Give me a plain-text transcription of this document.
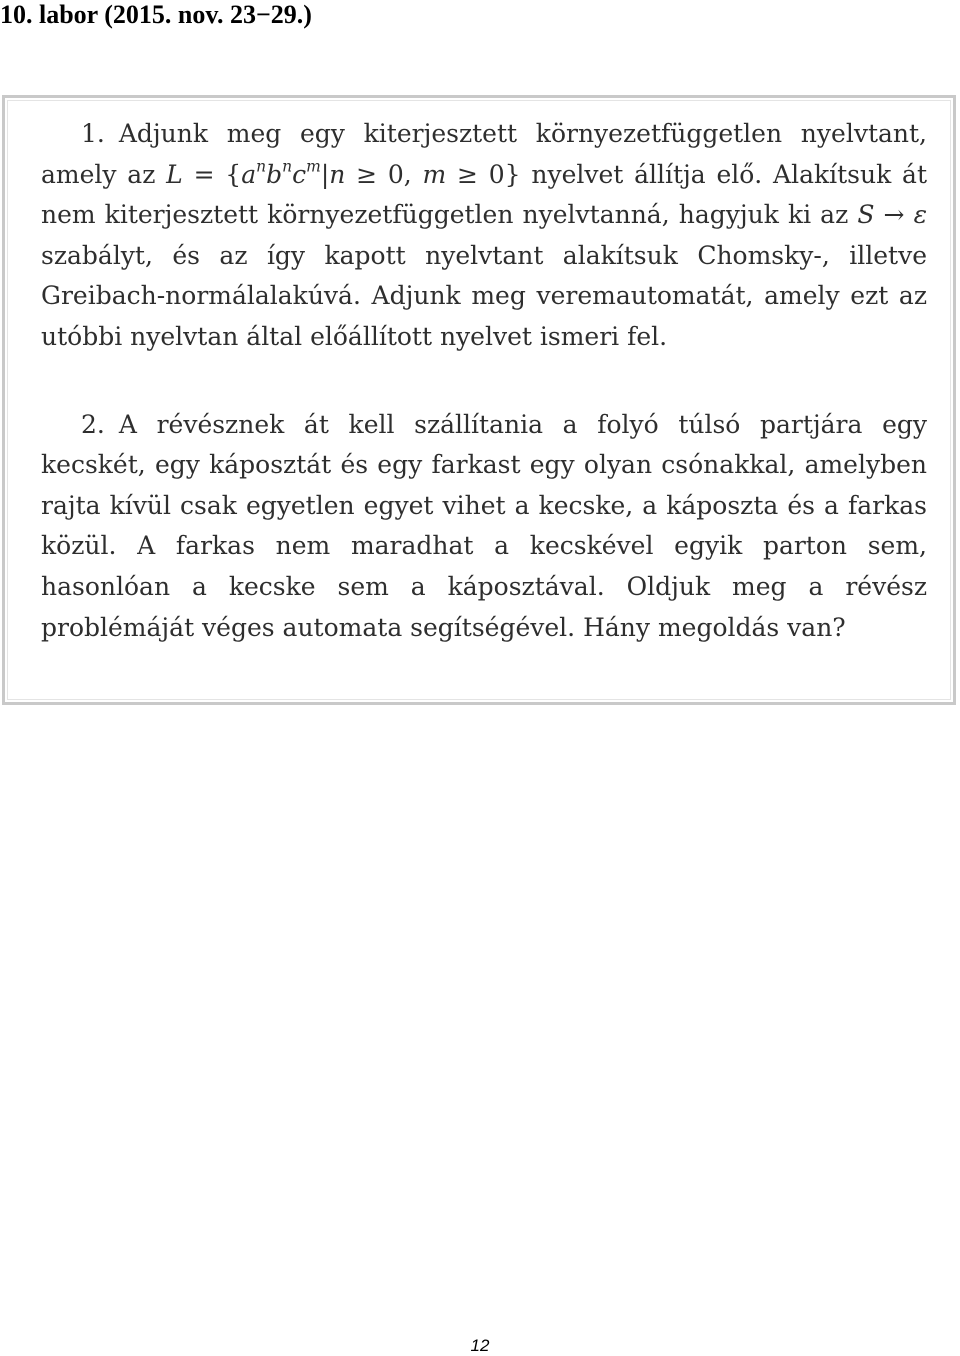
10. labor (2015. nov. 23−29.)

1. Adjunk meg egy kiterjesztett környezetfüggetlen nyelvtant, amely az $L = \{a^nb^nc^m|n \ge 0$, m ≥ 0} nyelvet állítja elő. Alakítsuk át nem kiterjesztett környezetfüggetlen nyelvtanná, hagyjuk ki az S → ε szabályt, és az így kapott nyelvtant alakítsuk Chomsky-, illetve Greibach-normálalakúvá. Adjunk meg veremautomatát, amely ezt az utóbbi nyelvtan által előállított nyelvet ismeri fel.

2. A révésznek át kell szállítania a folyó túlsó partjára egy kecskét, egy káposztát és egy farkast egy olyan csónakkal, amelyben rajta kívül csak egyetlen egyet vihet a kecske, a káposzta és a farkas közül. A farkas nem maradhat a kecskével egyik parton sem, hasonlóan a kecske sem a káposztával. Oldjuk meg a révész problémáját véges automata segítségével. Hány megoldás van?

12
